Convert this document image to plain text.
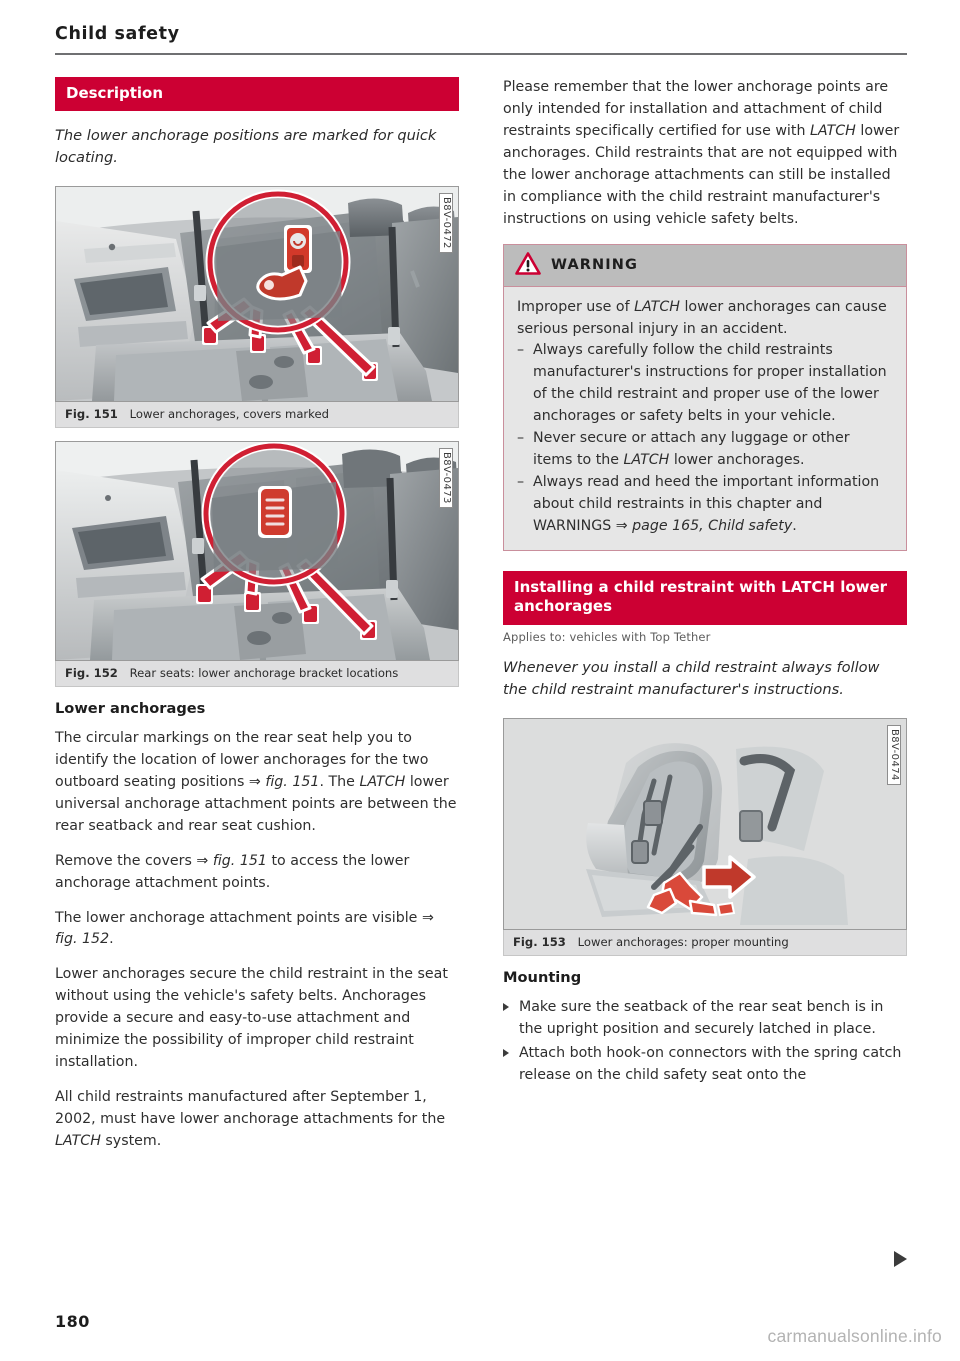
Child safety
Description

The lower anchorage positions are marked for quick locating.

B8V-0472
Fig. 151   Lower anchorages, covers marked
B8V-0473
Fig. 152   Rear seats: lower anchorage bracket locations
Lower anchorages

The circular markings on the rear seat help you to identify the location of lower anchorages for the two outboard seating positions ⇒ fig. 151. The LATCH lower universal anchorage attachment points are between the rear seatback and rear seat cushion.

Remove the covers ⇒ fig. 151 to access the lower anchorage attachment points.

The lower anchorage attachment points are visible ⇒ fig. 152.

Lower anchorages secure the child restraint in the seat without using the vehicle's safety belts. Anchorages provide a secure and easy-to-use attachment and minimize the possibility of improper child restraint installation.

All child restraints manufactured after September 1, 2002, must have lower anchorage attachments for the LATCH system.

Please remember that the lower anchorage points are only intended for installation and attachment of child restraints specifically certified for use with LATCH lower anchorages. Child restraints that are not equipped with the lower anchorage attachments can still be installed in compliance with the child restraint manufacturer's instructions on using vehicle safety belts.

WARNING

Improper use of LATCH lower anchorages can cause serious personal injury in an accident.

– Always carefully follow the child restraints manufacturer's instructions for proper installation of the child restraint and proper use of the lower anchorages or safety belts in your vehicle.
– Never secure or attach any luggage or other items to the LATCH lower anchorages.
– Always read and heed the important information about child restraints in this chapter and WARNINGS ⇒ page 165, Child safety.
Installing a child restraint with LATCH lower anchorages
Applies to: vehicles with Top Tether

Whenever you install a child restraint always follow the child restraint manufacturer's instructions.

B8V-0474
Fig. 153   Lower anchorages: proper mounting
Mounting
Make sure the seatback of the rear seat bench is in the upright position and securely latched in place.
Attach both hook-on connectors with the spring catch release on the child safety seat onto the
180
carmanualsonline.info
